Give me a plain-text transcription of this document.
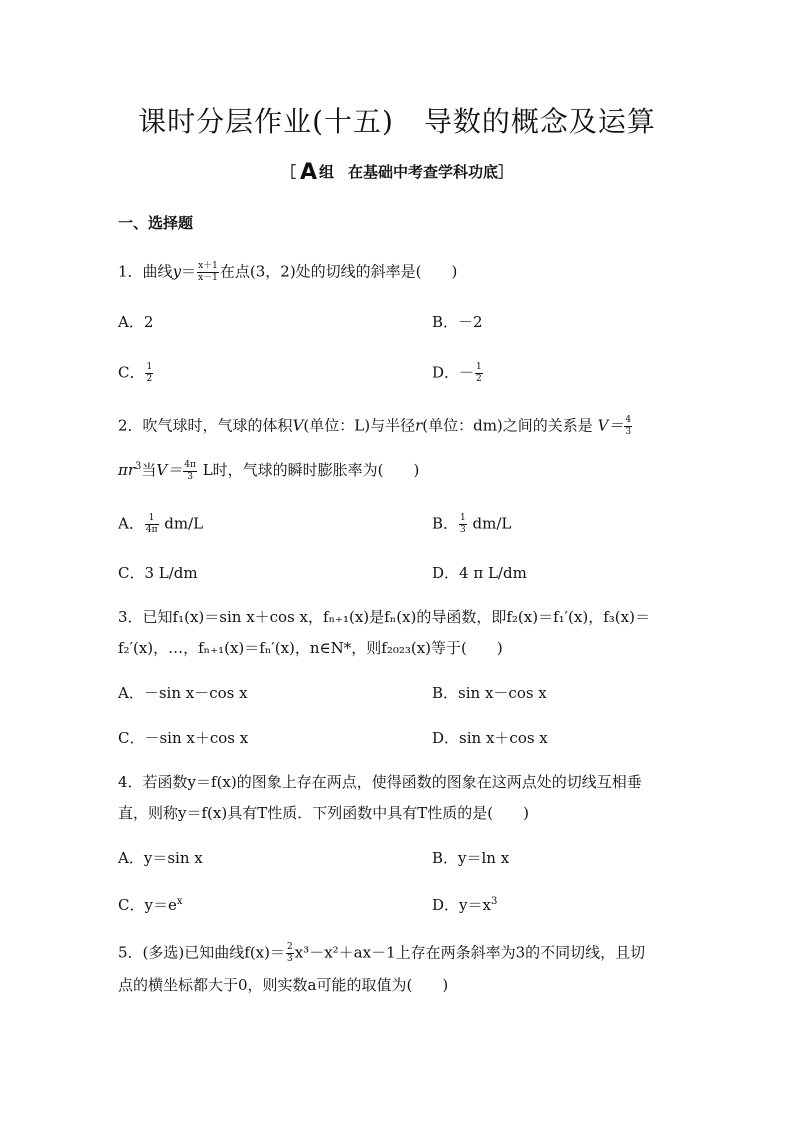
课时分层作业(十五) 导数的概念及运算
［ A 组 在基础中考查学科功底］
一、选择题
1．曲线$y= \frac{x+1}{x-1}$ 在点(3，2)处的切线的斜率是( )
A．2	B．－2
C． $\frac{1}{2}$	D．－ $\frac{1}{2}$
2．吹气球时，气球的体积V(单位：L)与半径r(单位：dm)之间的关系是 $V= \frac{4}{3}$
$\pi r^3$当$V= \frac{4\pi}{3}$ L时，气球的瞬时膨胀率为( )
A． $\frac{1}{4\pi} dm/L$	B． $\frac{1}{3} dm/L$
C．3 L/dm	D．4 π L/dm
3．已知f₁(x)＝sin x＋cos x，fₙ₊₁(x)是fₙ(x)的导函数，即f₂(x)＝f₁′(x)，f₃(x)＝
f₂′(x)，…，fₙ₊₁(x)＝fₙ′(x)，n∈N*，则f₂₀₂₃(x)等于( )
A．－sin x－cos x	B．sin x－cos x
C．－sin x＋cos x	D．sin x＋cos x
4．若函数y＝f(x)的图象上存在两点，使得函数的图象在这两点处的切线互相垂
直，则称y＝f(x)具有T性质．下列函数中具有T性质的是( )
A．y＝sin x	B．y＝ln x
C．$y=e^x$	D．$y=x^3$
5．(多选)已知曲线$f(x)= \frac{2}{3} x^3-x^2+ax-1$上存在两条斜率为3的不同切线，且切
点的横坐标都大于0，则实数a可能的取值为( )
